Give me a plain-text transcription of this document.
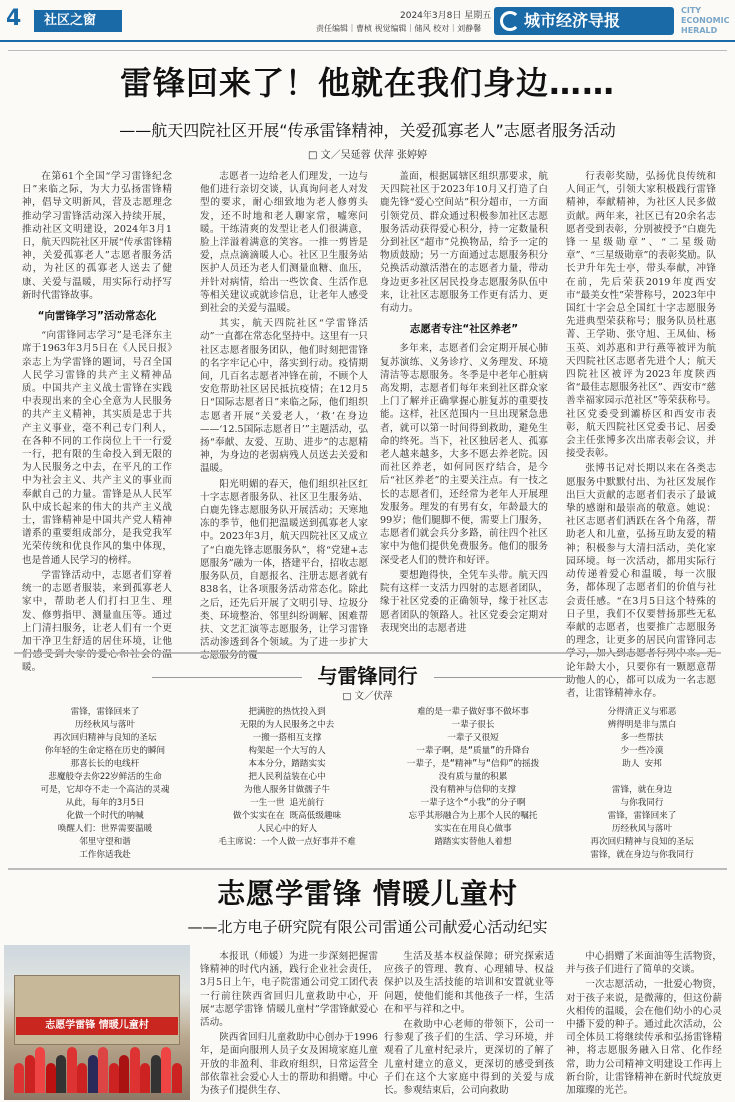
4	社区之窗	2024年3月8日 星期五
责任编辑｜曹桢 视觉编辑｜储风 校对｜刘静馨	城市经济导报
CITY
ECONOMIC
HERALD
雷锋回来了！他就在我们身边……
——航天四院社区开展“传承雷锋精神，关爱孤寡老人”志愿者服务活动
□ 文／吴延蓉 伏萍 张婷婷

在第61个全国“学习雷锋纪念日”来临之际，为大力弘扬雷锋精神，倡导文明新风，营及志愿理念推动学习雷锋活动深入持续开展，推动社区文明建设，2024年3月1日，航天四院社区开展“传承雷锋精神，关爱孤寡老人”志愿者服务活动，为社区的孤寡老人送去了健康、关爱与温暖，用实际行动抒写新时代雷锋故事。

“向雷锋学习”活动常态化

“向雷锋同志学习”是毛泽东主席于1963年3月5日在《人民日报》亲志上为学雷锋的题词，号召全国人民学习雷锋的共产主义精神品质。中国共产主义战士雷锋在实践中表现出来的全心全意为人民服务的共产主义精神，其实质是忠于共产主义事业，毫不利己专门利人，在各种不同的工作岗位上干一行爱一行，把有限的生命投入到无限的为人民服务之中去，在平凡的工作中为社会主义、共产主义的事业而奉献自己的力量。雷锋是从人民军队中成长起来的伟大的共产主义战士，雷锋精神是中国共产党人精神谱系的重要组成部分，是我党我军光荣传统和优良作风的集中体现，也是普通人民学习的榜样。

学雷锋活动中，志愿者们穿着统一的志愿者服装，来到孤寡老人家中，帮助老人们打扫卫生、理发、修剪指甲、测量血压等。通过上门清扫服务，让老人们有一个更加干净卫生舒适的居住环境，让他们感受到大家的爱心和社会的温暖。

志愿者一边给老人们理发，一边与他们进行亲切交谈，认真询问老人对发型的要求，耐心细致地为老人修剪头发，还不时地和老人聊家常，嘘寒问暖。干练清爽的发型让老人们很满意，脸上洋溢着满意的笑容。一推一剪皆是爱，点点滴滴暖人心。社区卫生服务站医护人员还为老人们测量血糖、血压，并针对病情，给出一些饮食、生活作息等相关建议或就诊信息，让老年人感受到社会的关爱与温暖。

其实，航天四院社区“学雷锋活动”一直都在常态化坚持中。这里有一只社区志愿者服务团队，他们时刻把雷锋的名字牢记心中，落实到行动。疫情期间，几百名志愿者冲锋在前，不顾个人安危帮助社区居民抵抗疫情；在12月5日“国际志愿者日”来临之际，他们组织志愿者开展“关爱老人，‘救’在身边——‘12.5国际志愿者日’”主题活动，弘扬“奉献、友爱、互助、进步”的志愿精神，为身边的老弱病残人员送去关爱和温暖。

阳光明媚的春天，他们组织社区红十字志愿者服务队、社区卫生服务站、白鹿先锋志愿服务队开展活动；天寒地冻的季节，他们把温暖送到孤寡老人家中。2023年3月，航天四院社区又成立了“白鹿先锋志愿服务队”，将“党建+志愿服务”融为一体，搭建平台，招收志愿服务队员，自愿报名、注册志愿者就有838名，让各项服务活动常态化。除此之后，还先后开展了文明引导、垃圾分类、环境整治、邻里纠纷调解、困难帮扶、文艺汇演等志愿服务，让学习雷锋活动渗透到各个领域。为了进一步扩大志愿服务的覆

盖面，根据属辖区组织那要求，航天四院社区于2023年10月又打造了白鹿先锋“爱心空间站”积分超市，一方面引领党员、群众通过积极参加社区志愿服务活动获得爱心积分，持一定数量积分到社区“超市”兑换物品，给予一定的物质鼓励；另一方面通过志愿服务积分兑换活动激活潜在的志愿者力量，带动身边更多社区居民投身志愿服务队伍中来，让社区志愿服务工作更有活力、更有动力。

志愿者专注“社区养老”

多年来，志愿者们会定期开展心肺复苏演练、义务诊疗、义务理发、环境清洁等志愿服务。冬季是中老年心脏病高发期，志愿者们每年来到社区群众家上门了解并正确掌握心脏复苏的重要技能。这样，社区范围内一旦出现紧急患者，就可以第一时间得到救助，避免生命的终死。当下，社区独居老人、孤寡老人越来越多，大多不愿去养老院。因而社区养老，如何同医疗结合，是今后“社区养老”的主要关注点。有一技之长的志愿者们，还经常为老年人开展理发服务。理发的有男有女，年龄最大的99岁；他们腿脚不便，需要上门服务，志愿者们就会兵分多路，前往四个社区家中为他们提供免费服务。他们的服务深受老人们的赞许和好评。

要想跑得快，全凭车头带。航天四院有这样一支活力四射的志愿者团队，缘于社区党委的正确领导，缘于社区志愿者团队的领路人。社区党委会定期对表现突出的志愿者进

行表彰奖励，弘扬优良传统和人间正气，引领大家积极践行雷锋精神，奉献精神，为社区人民多做贡献。两年来，社区已有20余名志愿者受到表彰，分别被授予“白鹿先锋一星级勋章”、“二星级勋章”、“三星级勋章”的表彰奖励。队长尹升年先士亭，带头奉献，冲锋在前，先后荣获2019年度西安市“最美女性”荣誉称号，2023年中国红十字会总全国红十字志愿服务先进典型荣获称号；服务队员杜惠菁、王学勋、张守旭、王凤仙、杨玉英、刘苏惠和尹行燕等被评为航天四院社区志愿者先进个人；航天四院社区被评为2023年度陕西省“最佳志愿服务社区”、西安市“慈善幸福家园示范社区”等荣获称号。社区党委受到灞桥区和西安市表彰，航天四院社区党委书记、居委会主任张博多次出席表彰会议，并接受表彰。

张博书记对长期以来在各类志愿服务中默默付出、为社区发展作出巨大贡献的志愿者们表示了最诚挚的感谢和最崇高的敬意。她说：社区志愿者们洒跃在各个角落，帮助老人和儿童，弘扬互助友爱的精神；积极参与大清扫活动，美化家园环境。每一次活动，都用实际行动传递着爱心和温暖，每一次服务，都体现了志愿者们的价值与社会责任感。“在3月5日这个特殊的日子里，我们不仅要替扬那些无私奉献的志愿者，也要推广志愿服务的理念，让更多的居民向雷锋同志学习，加入到志愿者行列中来。无论年龄大小，只要你有一颗愿意帮助他人的心，都可以成为一名志愿者，让雷锋精神永存。

与雷锋同行
□ 文／伏萍
雷锋，雷锋回来了
历经秋风与落叶
再次回归精神与良知的圣坛
你年轻的生命定格在历史的瞬间
那喜长长的电线杆
悲魔般夺去你22岁鲜活的生命
可是，它却夺不走一个高洁的灵魂
从此，每年的3月5日
化做一个时代的呐喊
唤醒人们：世界需要温暖
邻里守望和谐
工作你适我赴
把满腔的热忱投入到
无限的为人民服务之中去
一搬一搭相互支撑
构架起一个大写的人
本本分分，踏踏实实
把人民利益装在心中
为他人服务甘做孺子牛
一生一世 追光前行
做个实实在在 既高低级趣味
人民心中的好人
毛主席说：一个人做一点好事并不难
难的是一辈子做好事不做坏事
一辈子很长
一辈子又很短
一辈子啊，是“质量”的升降台
一辈子，是“精神”与“信仰”的摇拨
没有质与量的积累
没有精神与信仰的支撑
一辈子这个“小我”的分子啊
忘乎其形融合为上那个人民的嘱托
实实在在用良心做事
踏踏实实替他人着想
分得清正义与邪恶
辨得明是非与黑白
多一些帮扶
少一些冷漠
助人 安邦

雷锋，就在身边
与你我同行
雷锋，雷锋回来了
历经秋风与落叶
再次回归精神与良知的圣坛
雷锋，就在身边与你我同行
志愿学雷锋 情暖儿童村
——北方电子研究院有限公司雷通公司献爱心活动纪实
志愿学雷锋 情暖儿童村

本报讯（师媛）为进一步深刻把握雷锋精神的时代内涵，践行企业社会责任，3月5日上午，电子院雷通公司党工团代表一行前往陕西省回归儿童救助中心，开展“志愿学雷锋 情暖儿童村”学雷锋献爱心活动。

陕西省回归儿童救助中心创办于1996年，是面向服刑人员子女及困境家庭儿童开放的非盈利、非政府组织，日常运营全部依靠社会爱心人士的帮助和捐赠。中心为孩子们提供生存、

生活及基本权益保障；研究探索适应孩子的管理、教育、心理辅导、权益保护以及生活技能的培训和安置就业等问题，使他们能和其他孩子一样，生活在和平与祥和之中。

在救助中心老师的带领下，公司一行参观了孩子们的生活、学习环境，并观看了儿童村纪录片，更深切的了解了儿童村建立的意义，更深切的感受到孩子们在这个大家庭中得到的关爱与成长。参观结束后，公司向救助

中心捐赠了米面油等生活物资，并与孩子们进行了简单的交谈。

一次志愿活动，一批爱心物资，对于孩子来说，是微薄的，但这份薪火相传的温暖，会在他们幼小的心灵中播下爱的种子。通过此次活动，公司全体员工将继续传承和弘扬雷锋精神，将志愿服务融入日常、化作经常，助力公司精神文明建设工作再上新台阶，让雷锋精神在新时代绽放更加璀璨的光芒。
